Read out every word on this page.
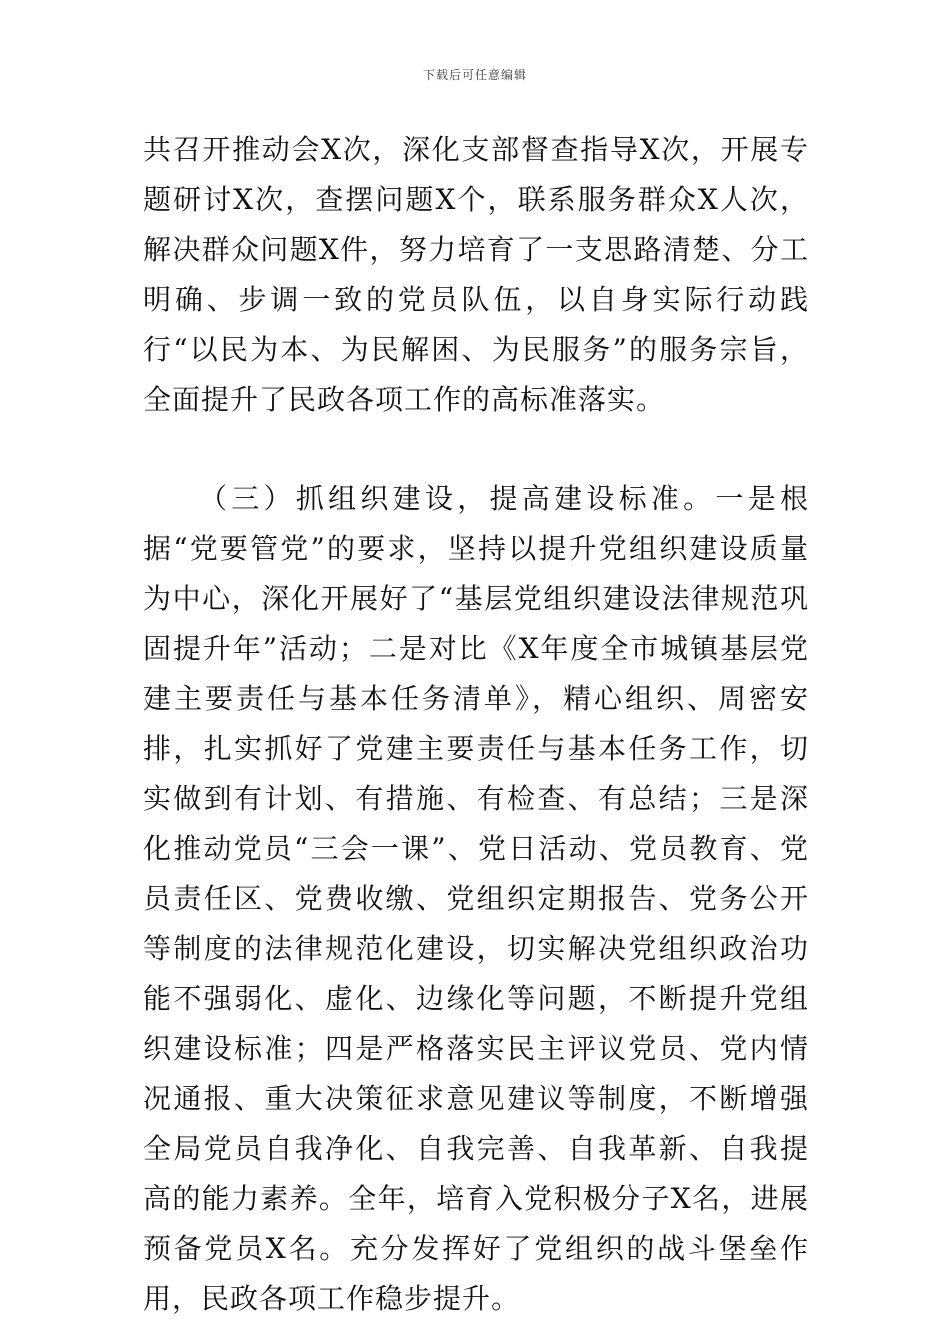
下载后可任意编辑

共召开推动会X次，深化支部督查指导X次，开展专题研讨X次，查摆问题X个，联系服务群众X人次，解决群众问题X件，努力培育了一支思路清楚、分工明确、步调一致的党员队伍，以自身实际行动践行“以民为本、为民解困、为民服务”的服务宗旨，全面提升了民政各项工作的高标准落实。

（三）抓组织建设，提高建设标准。一是根据“党要管党”的要求，坚持以提升党组织建设质量为中心，深化开展好了“基层党组织建设法律规范巩固提升年”活动；二是对比《X年度全市城镇基层党建主要责任与基本任务清单》，精心组织、周密安排，扎实抓好了党建主要责任与基本任务工作，切实做到有计划、有措施、有检查、有总结；三是深化推动党员“三会一课”、党日活动、党员教育、党员责任区、党费收缴、党组织定期报告、党务公开等制度的法律规范化建设，切实解决党组织政治功能不强弱化、虚化、边缘化等问题，不断提升党组织建设标准；四是严格落实民主评议党员、党内情况通报、重大决策征求意见建议等制度，不断增强全局党员自我净化、自我完善、自我革新、自我提高的能力素养。全年，培育入党积极分子X名，进展预备党员X名。充分发挥好了党组织的战斗堡垒作用，民政各项工作稳步提升。
